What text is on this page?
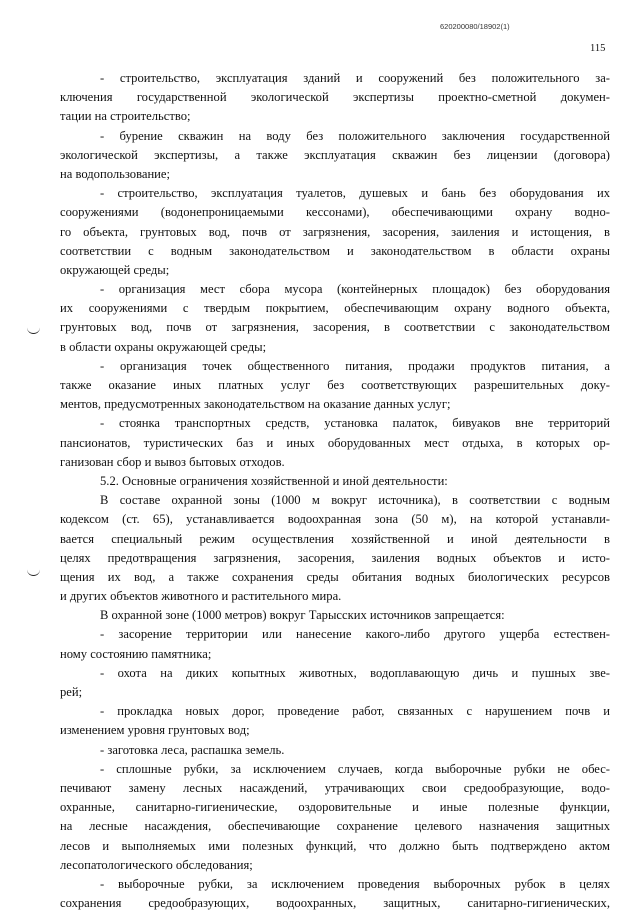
620200080/18902(1)
115
- строительство, эксплуатация зданий и сооружений без положительного за-
ключения государственной экологической экспертизы проектно-сметной докумен-
тации на строительство;
- бурение скважин на воду без положительного заключения государственной
экологической экспертизы, а также эксплуатация скважин без лицензии (договора)
на водопользование;
- строительство, эксплуатация туалетов, душевых и бань без оборудования их
сооружениями (водонепроницаемыми кессонами), обеспечивающими охрану водно-
го объекта, грунтовых вод, почв от загрязнения, засорения, заиления и истощения, в
соответствии с водным законодательством и законодательством в области охраны
окружающей среды;
- организация мест сбора мусора (контейнерных площадок) без оборудования
их сооружениями с твердым покрытием, обеспечивающим охрану водного объекта,
грунтовых вод, почв от загрязнения, засорения, в соответствии с законодательством
в области охраны окружающей среды;
- организация точек общественного питания, продажи продуктов питания, а
также оказание иных платных услуг без соответствующих разрешительных доку-
ментов, предусмотренных законодательством на оказание данных услуг;
- стоянка транспортных средств, установка палаток, бивуаков вне территорий
пансионатов, туристических баз и иных оборудованных мест отдыха, в которых ор-
ганизован сбор и вывоз бытовых отходов.
5.2. Основные ограничения хозяйственной и иной деятельности:
В составе охранной зоны (1000 м вокруг источника), в соответствии с водным
кодексом (ст. 65), устанавливается водоохранная зона (50 м), на которой устанавли-
вается специальный режим осуществления хозяйственной и иной деятельности в
целях предотвращения загрязнения, засорения, заиления водных объектов и исто-
щения их вод, а также сохранения среды обитания водных биологических ресурсов
и других объектов животного и растительного мира.
В охранной зоне (1000 метров) вокруг Тарысских источников запрещается:
- засорение территории или нанесение какого-либо другого ущерба естествен-
ному состоянию памятника;
- охота на диких копытных животных, водоплавающую дичь и пушных зве-
рей;
- прокладка новых дорог, проведение работ, связанных с нарушением почв и
изменением уровня грунтовых вод;
- заготовка леса, распашка земель.
- сплошные рубки, за исключением случаев, когда выборочные рубки не обес-
печивают замену лесных насаждений, утрачивающих свои средообразующие, водо-
охранные, санитарно-гигиенические, оздоровительные и иные полезные функции,
на лесные насаждения, обеспечивающие сохранение целевого назначения защитных
лесов и выполняемых ими полезных функций, что должно быть подтверждено актом
лесопатологического обследования;
- выборочные рубки, за исключением проведения выборочных рубок в целях
сохранения средообразующих, водоохранных, защитных, санитарно-гигиенических,
